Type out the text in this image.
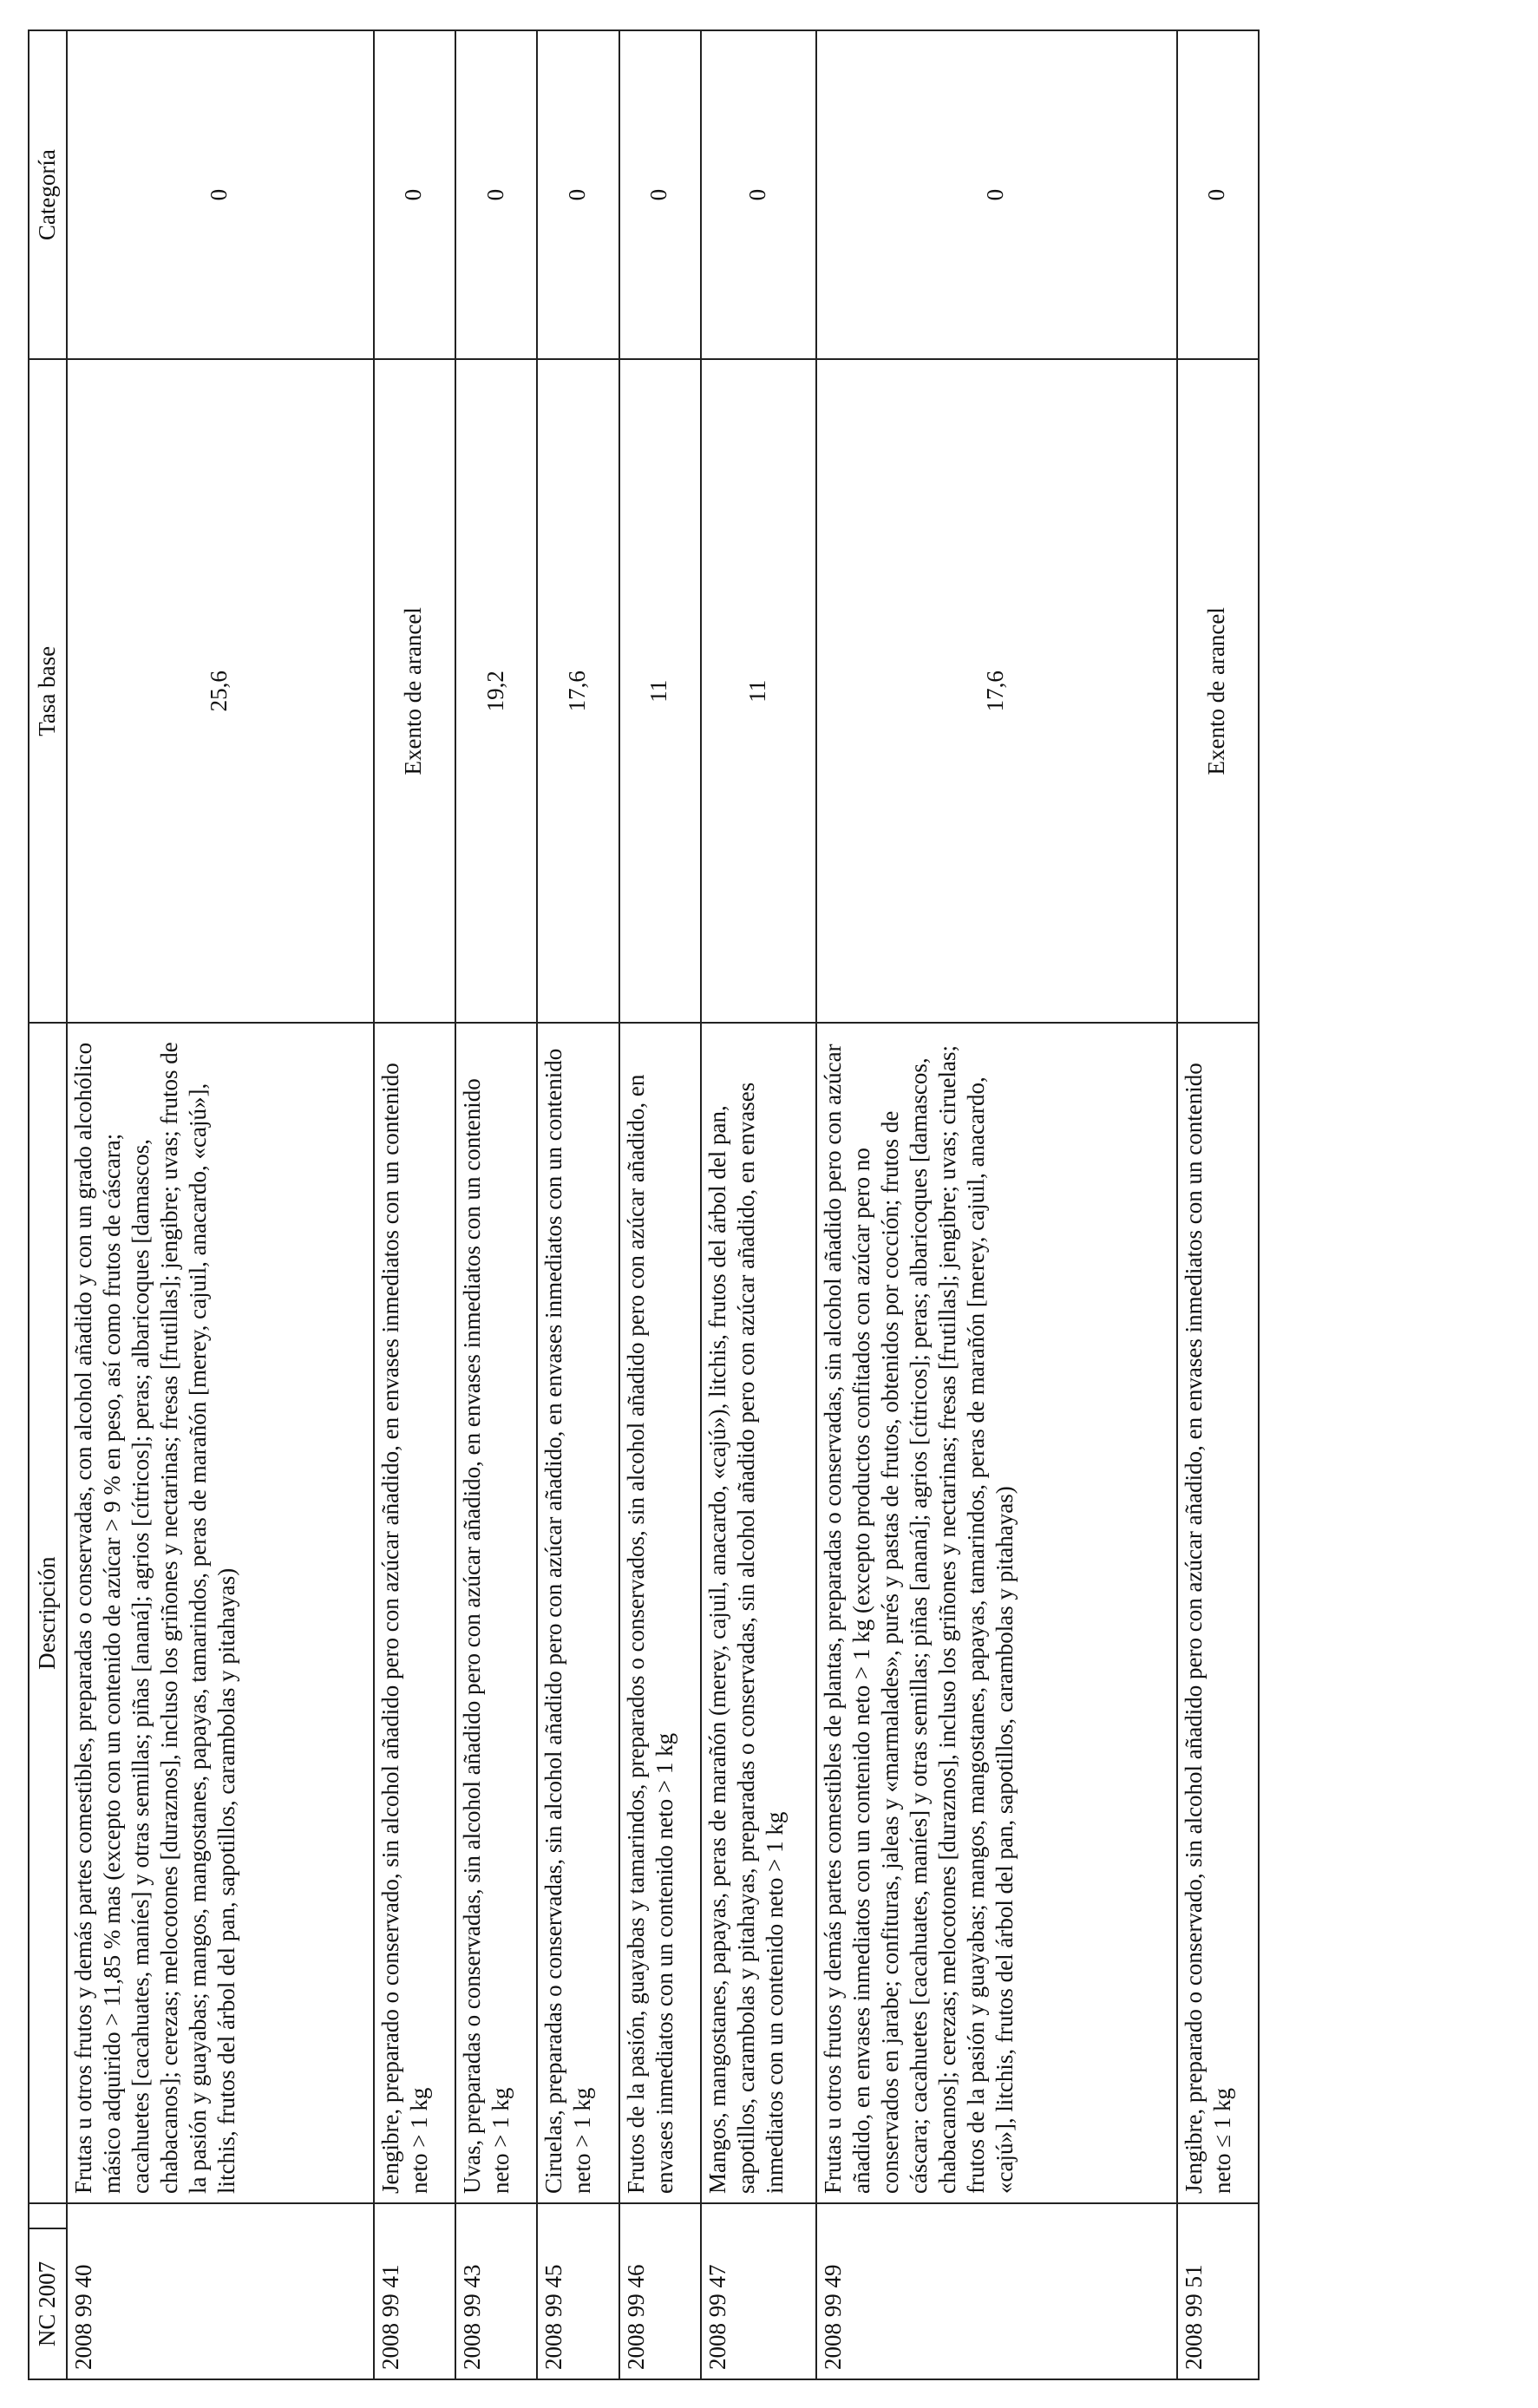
NC 2007		Descripción	Tasa base	Categoría
2008 99 40		Frutas u otros frutos y demás partes comestibles, preparadas o conservadas, con alcohol añadido y con un grado alcohólico másico adquirido > 11,85 % mas (excepto con un contenido de azúcar > 9 % en peso, así como frutos de cáscara; cacahuetes [cacahuates, maníes] y otras semillas; piñas [ananá]; agrios [cítricos]; peras; albaricoques [damascos, chabacanos]; cerezas; melocotones [duraznos], incluso los griñones y nectarinas; fresas [frutillas]; jengibre; uvas; frutos de la pasión y guayabas; mangos, mangostanes, papayas, tamarindos, peras de marañón [merey, cajuil, anacardo, «cajú»], litchis, frutos del árbol del pan, sapotillos, carambolas y pitahayas)	25,6	0
2008 99 41		Jengibre, preparado o conservado, sin alcohol añadido pero con azúcar añadido, en envases inmediatos con un contenido neto > 1 kg	Exento de arancel	0
2008 99 43		Uvas, preparadas o conservadas, sin alcohol añadido pero con azúcar añadido, en envases inmediatos con un contenido neto > 1 kg	19,2	0
2008 99 45		Ciruelas, preparadas o conservadas, sin alcohol añadido pero con azúcar añadido, en envases inmediatos con un contenido neto > 1 kg	17,6	0
2008 99 46		Frutos de la pasión, guayabas y tamarindos, preparados o conservados, sin alcohol añadido pero con azúcar añadido, en envases inmediatos con un contenido neto > 1 kg	11	0
2008 99 47		Mangos, mangostanes, papayas, peras de marañón (merey, cajuil, anacardo, «cajú»), litchis, frutos del árbol del pan, sapotillos, carambolas y pitahayas, preparadas o conservadas, sin alcohol añadido pero con azúcar añadido, en envases inmediatos con un contenido neto > 1 kg	11	0
2008 99 49		Frutas u otros frutos y demás partes comestibles de plantas, preparadas o conservadas, sin alcohol añadido pero con azúcar añadido, en envases inmediatos con un contenido neto > 1 kg (excepto productos confitados con azúcar pero no conservados en jarabe; confituras, jaleas y «marmalades», purés y pastas de frutos, obtenidos por cocción; frutos de cáscara; cacahuetes [cacahuates, maníes] y otras semillas; piñas [ananá]; agrios [cítricos]; peras; albaricoques [damascos, chabacanos]; cerezas; melocotones [duraznos], incluso los griñones y nectarinas; fresas [frutillas]; jengibre; uvas; ciruelas; frutos de la pasión y guayabas; mangos, mangostanes, papayas, tamarindos, peras de marañón [merey, cajuil, anacardo, «cajú»], litchis, frutos del árbol del pan, sapotillos, carambolas y pitahayas)	17,6	0
2008 99 51		Jengibre, preparado o conservado, sin alcohol añadido pero con azúcar añadido, en envases inmediatos con un contenido neto ≤ 1 kg	Exento de arancel	0
